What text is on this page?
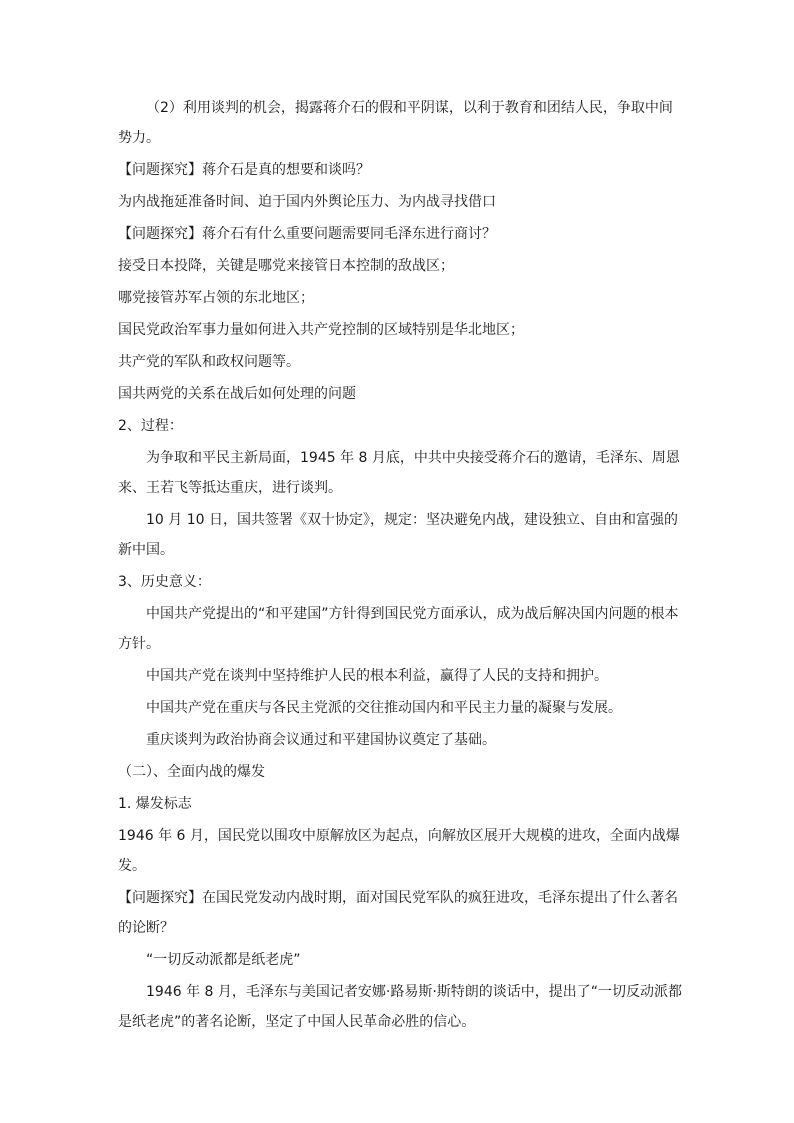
（2）利用谈判的机会，揭露蒋介石的假和平阴谋，以利于教育和团结人民，争取中间
势力。
【问题探究】蒋介石是真的想要和谈吗？
为内战拖延准备时间、迫于国内外舆论压力、为内战寻找借口
【问题探究】蒋介石有什么重要问题需要同毛泽东进行商讨？
接受日本投降，关键是哪党来接管日本控制的敌战区；
哪党接管苏军占领的东北地区；
国民党政治军事力量如何进入共产党控制的区域特别是华北地区；
共产党的军队和政权问题等。
国共两党的关系在战后如何处理的问题
2、过程：
为争取和平民主新局面，1945 年 8 月底，中共中央接受蒋介石的邀请，毛泽东、周恩
来、王若飞等抵达重庆，进行谈判。
10 月 10 日，国共签署《双十协定》，规定：坚决避免内战，建设独立、自由和富强的
新中国。
3、历史意义：
中国共产党提出的“和平建国”方针得到国民党方面承认，成为战后解决国内问题的根本
方针。
中国共产党在谈判中坚持维护人民的根本利益，赢得了人民的支持和拥护。
中国共产党在重庆与各民主党派的交往推动国内和平民主力量的凝聚与发展。
重庆谈判为政治协商会议通过和平建国协议奠定了基础。
（二）、全面内战的爆发
1. 爆发标志
1946 年 6 月，国民党以围攻中原解放区为起点，向解放区展开大规模的进攻，全面内战爆
发。
【问题探究】在国民党发动内战时期，面对国民党军队的疯狂进攻，毛泽东提出了什么著名
的论断？
“一切反动派都是纸老虎”
1946 年 8 月，毛泽东与美国记者安娜·路易斯·斯特朗的谈话中，提出了“一切反动派都
是纸老虎”的著名论断，坚定了中国人民革命必胜的信心。
